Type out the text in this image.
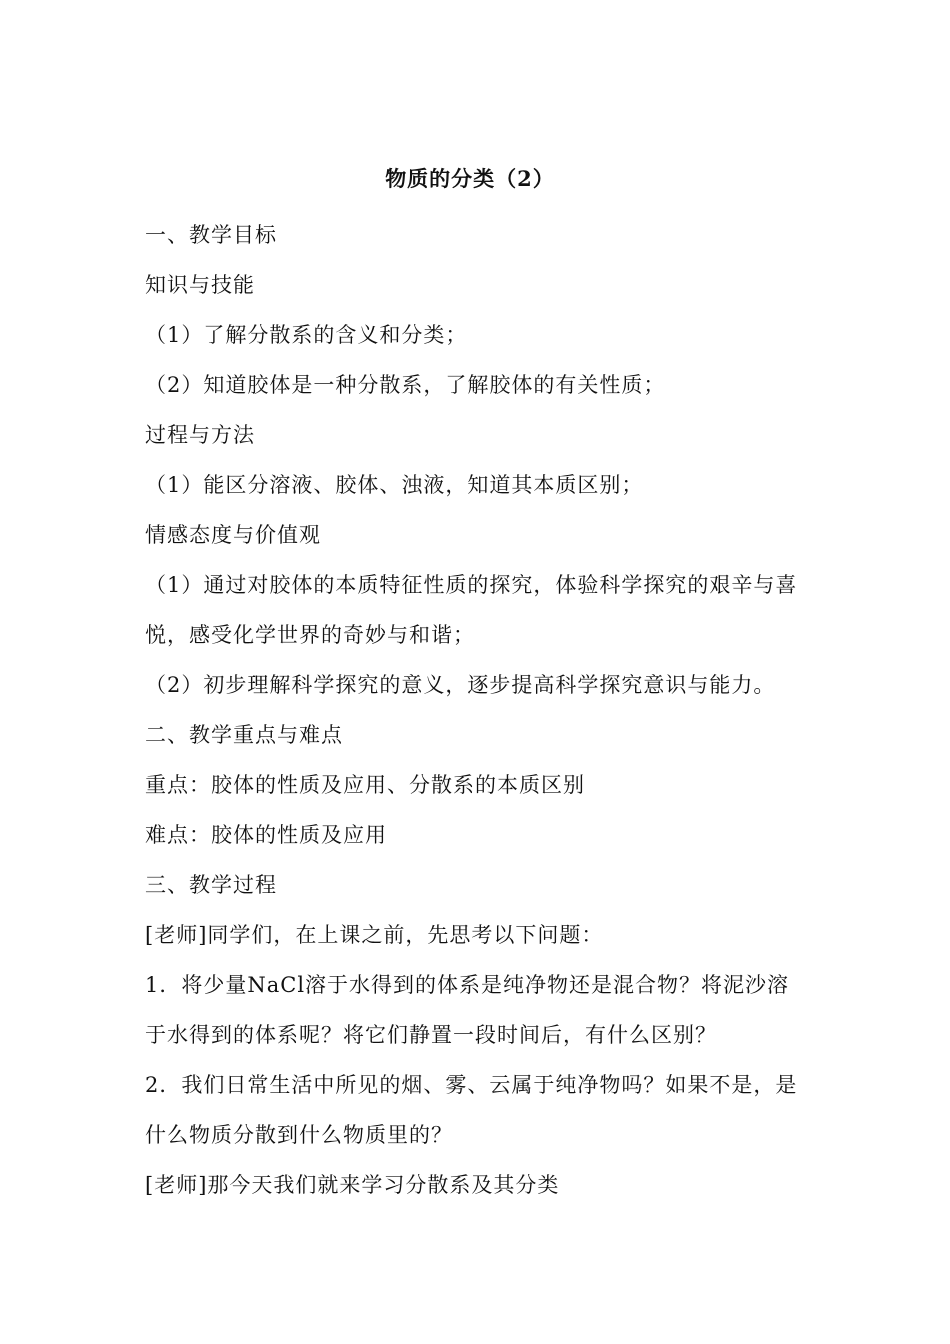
物质的分类（2）
一、教学目标
知识与技能
（1）了解分散系的含义和分类；
（2）知道胶体是一种分散系，了解胶体的有关性质；
过程与方法
（1）能区分溶液、胶体、浊液，知道其本质区别；
情感态度与价值观
（1）通过对胶体的本质特征性质的探究，体验科学探究的艰辛与喜
悦，感受化学世界的奇妙与和谐；
（2）初步理解科学探究的意义，逐步提高科学探究意识与能力。
二、教学重点与难点
重点：胶体的性质及应用、分散系的本质区别
难点：胶体的性质及应用
三、教学过程
[老师]同学们，在上课之前，先思考以下问题：
1．将少量NaCl溶于水得到的体系是纯净物还是混合物？将泥沙溶
于水得到的体系呢？将它们静置一段时间后，有什么区别？
2．我们日常生活中所见的烟、雾、云属于纯净物吗？如果不是，是
什么物质分散到什么物质里的？
[老师]那今天我们就来学习分散系及其分类
